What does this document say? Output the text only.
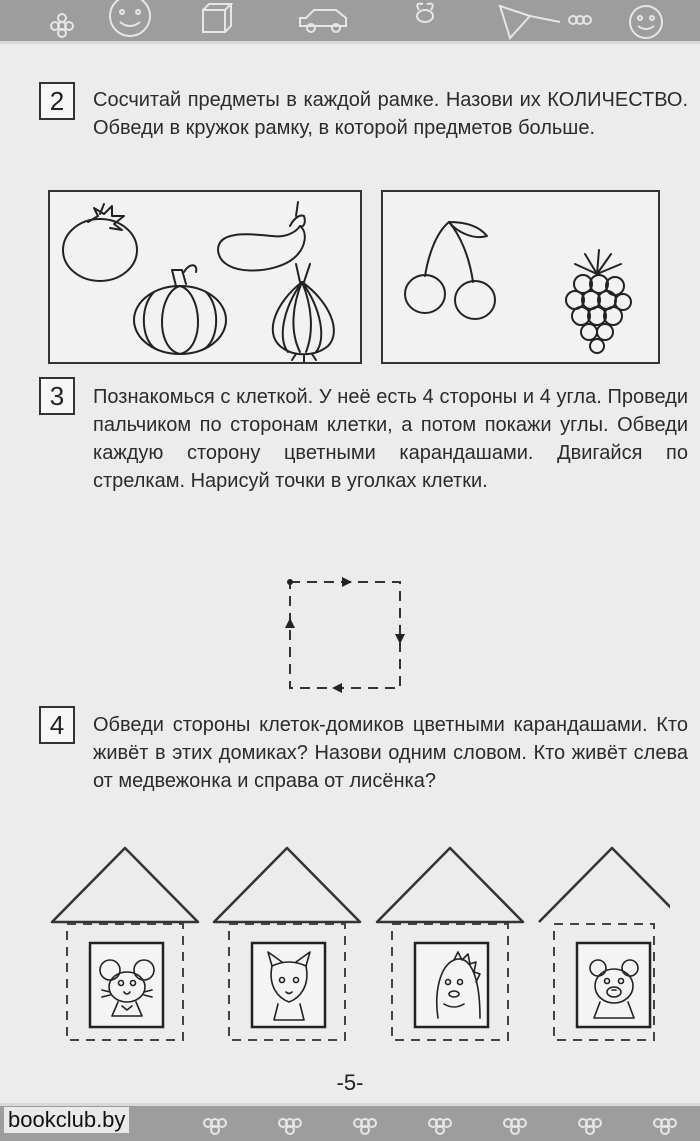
2	Сосчитай предметы в каждой рамке. Назови их КОЛИЧЕСТВО. Обведи в кружок рамку, в которой предметов больше.
3	Познакомься с клеткой. У неё есть 4 стороны и 4 угла. Проведи пальчиком по сторонам клетки, а потом покажи углы. Обведи каждую сторону цветными карандашами. Двигайся по стрелкам. Нарисуй точки в уголках клетки.
4	Обведи стороны клеток-домиков цветными карандашами. Кто живёт в этих домиках? Назови одним словом. Кто живёт слева от медвежонка и справа от лисёнка?
-5-
bookclub.by
